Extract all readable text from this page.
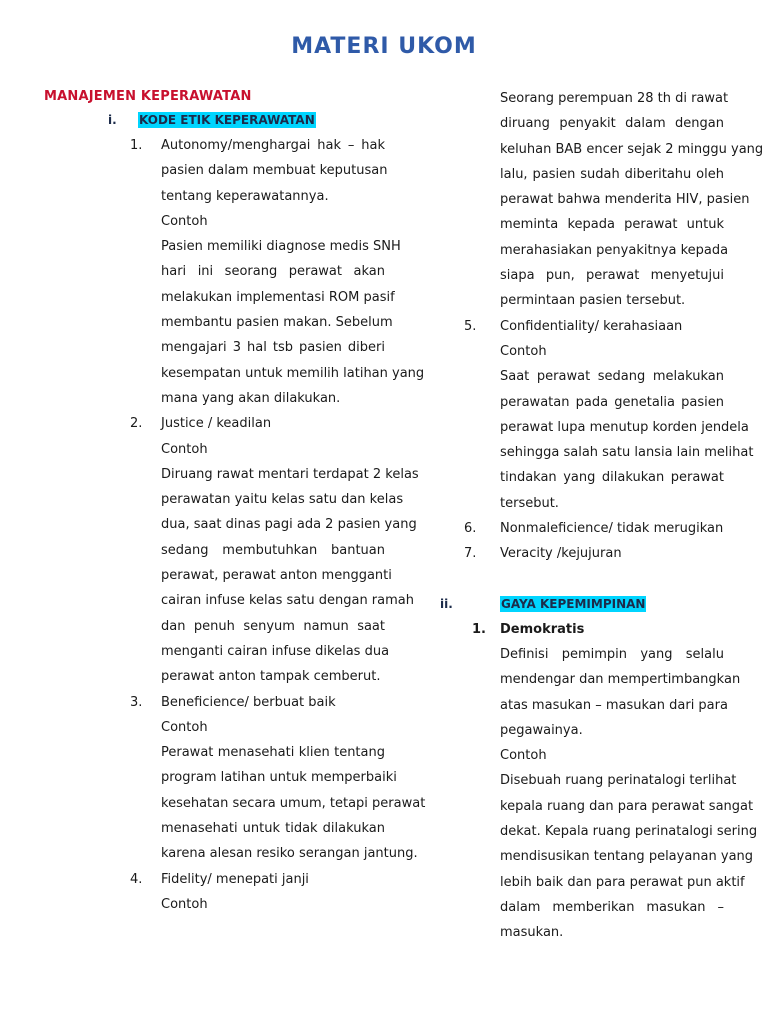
MATERI UKOM
MANAJEMEN KEPERAWATAN
i. KODE ETIK KEPERAWATAN
1.	Autonomy/menghargai hak – hak
pasien dalam membuat keputusan
tentang keperawatannya.
Contoh
Pasien memiliki diagnose medis SNH
hari ini seorang perawat akan
melakukan implementasi ROM pasif
membantu pasien makan. Sebelum
mengajari 3 hal tsb pasien diberi
kesempatan untuk memilih latihan yang
mana yang akan dilakukan.
2.	Justice / keadilan
Contoh
Diruang rawat mentari terdapat 2 kelas
perawatan yaitu kelas satu dan kelas
dua, saat dinas pagi ada 2 pasien yang
sedang membutuhkan bantuan
perawat, perawat anton mengganti
cairan infuse kelas satu dengan ramah
dan penuh senyum namun saat
menganti cairan infuse dikelas dua
perawat anton tampak cemberut.
3.	Beneficience/ berbuat baik
Contoh
Perawat menasehati klien tentang
program latihan untuk memperbaiki
kesehatan secara umum, tetapi perawat
menasehati untuk tidak dilakukan
karena alesan resiko serangan jantung.
4.	Fidelity/ menepati janji
Contoh
Seorang perempuan 28 th di rawat
diruang penyakit dalam dengan
keluhan BAB encer sejak 2 minggu yang
lalu, pasien sudah diberitahu oleh
perawat bahwa menderita HIV, pasien
meminta kepada perawat untuk
merahasiakan penyakitnya kepada
siapa pun, perawat menyetujui
permintaan pasien tersebut.
5.	Confidentiality/ kerahasiaan
Contoh
Saat perawat sedang melakukan
perawatan pada genetalia pasien
perawat lupa menutup korden jendela
sehingga salah satu lansia lain melihat
tindakan yang dilakukan perawat
tersebut.
6.	Nonmaleficience/ tidak merugikan
7.	Veracity /kejujuran
ii.	GAYA KEPEMIMPINAN
1.	Demokratis
Definisi pemimpin yang selalu
mendengar dan mempertimbangkan
atas masukan – masukan dari para
pegawainya.
Contoh
Disebuah ruang perinatalogi terlihat
kepala ruang dan para perawat sangat
dekat. Kepala ruang perinatalogi sering
mendisusikan tentang pelayanan yang
lebih baik dan para perawat pun aktif
dalam memberikan masukan –
masukan.
